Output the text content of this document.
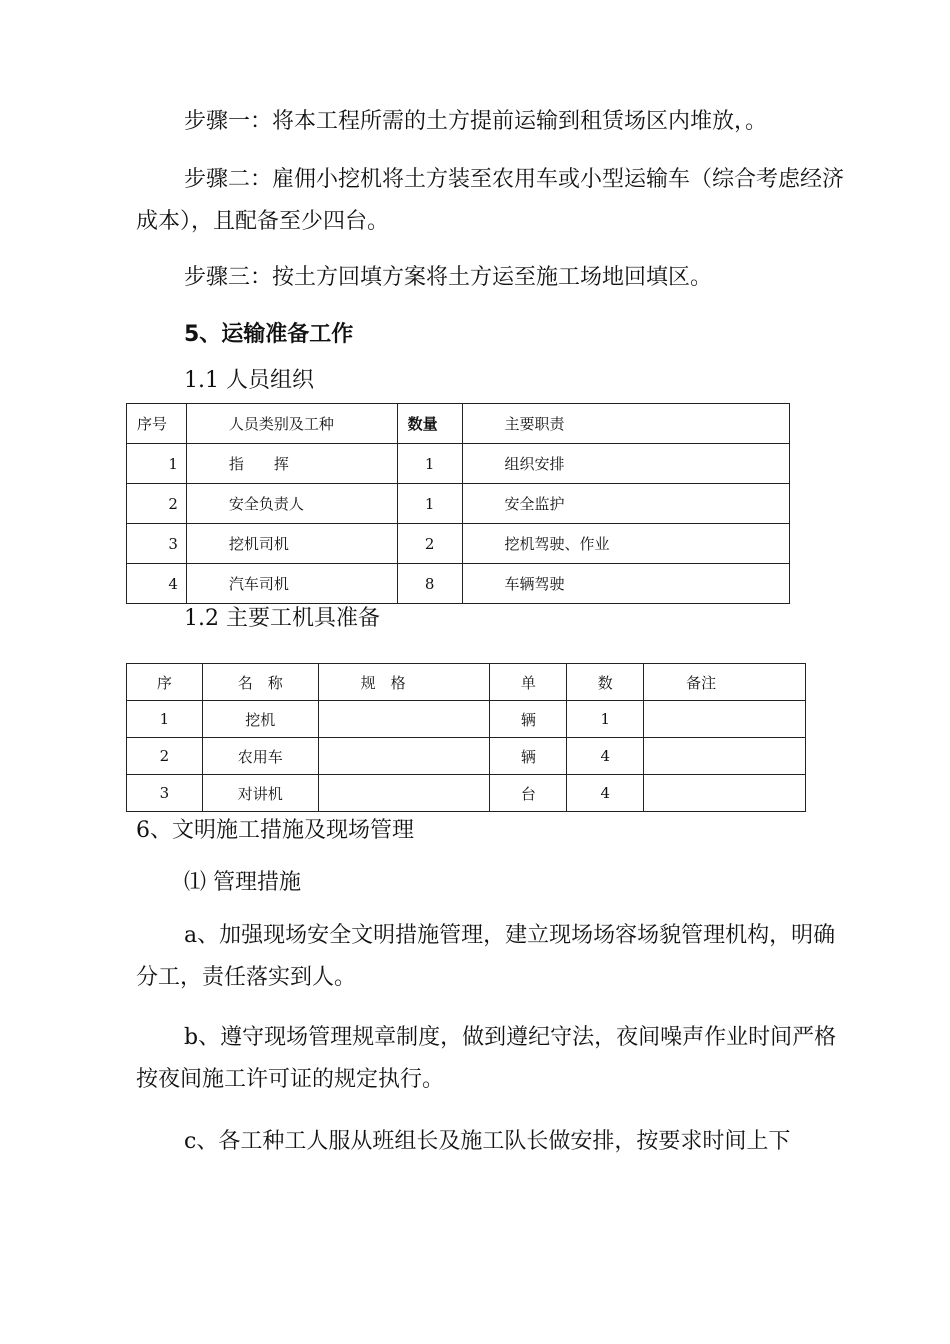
步骤一：将本工程所需的土方提前运输到租赁场区内堆放，。

步骤二：雇佣小挖机将土方装至农用车或小型运输车（综合考虑经济成本），且配备至少四台。

步骤三：按土方回填方案将土方运至施工场地回填区。

5、运输准备工作
1.1 人员组织
序号	人员类别及工种	数量	主要职责
1	指　　挥	1	组织安排
2	安全负责人	1	安全监护
3	挖机司机	2	挖机驾驶、作业
4	汽车司机	8	车辆驾驶
1.2 主要工机具准备
序	名　称	规　格	单	数	备注
1	挖机		辆	1	
2	农用车		辆	4	
3	对讲机		台	4	
6、文明施工措施及现场管理
⑴ 管理措施

a、加强现场安全文明措施管理，建立现场场容场貌管理机构，明确分工，责任落实到人。

b、遵守现场管理规章制度，做到遵纪守法，夜间噪声作业时间严格按夜间施工许可证的规定执行。

c、各工种工人服从班组长及施工队长做安排，按要求时间上下
